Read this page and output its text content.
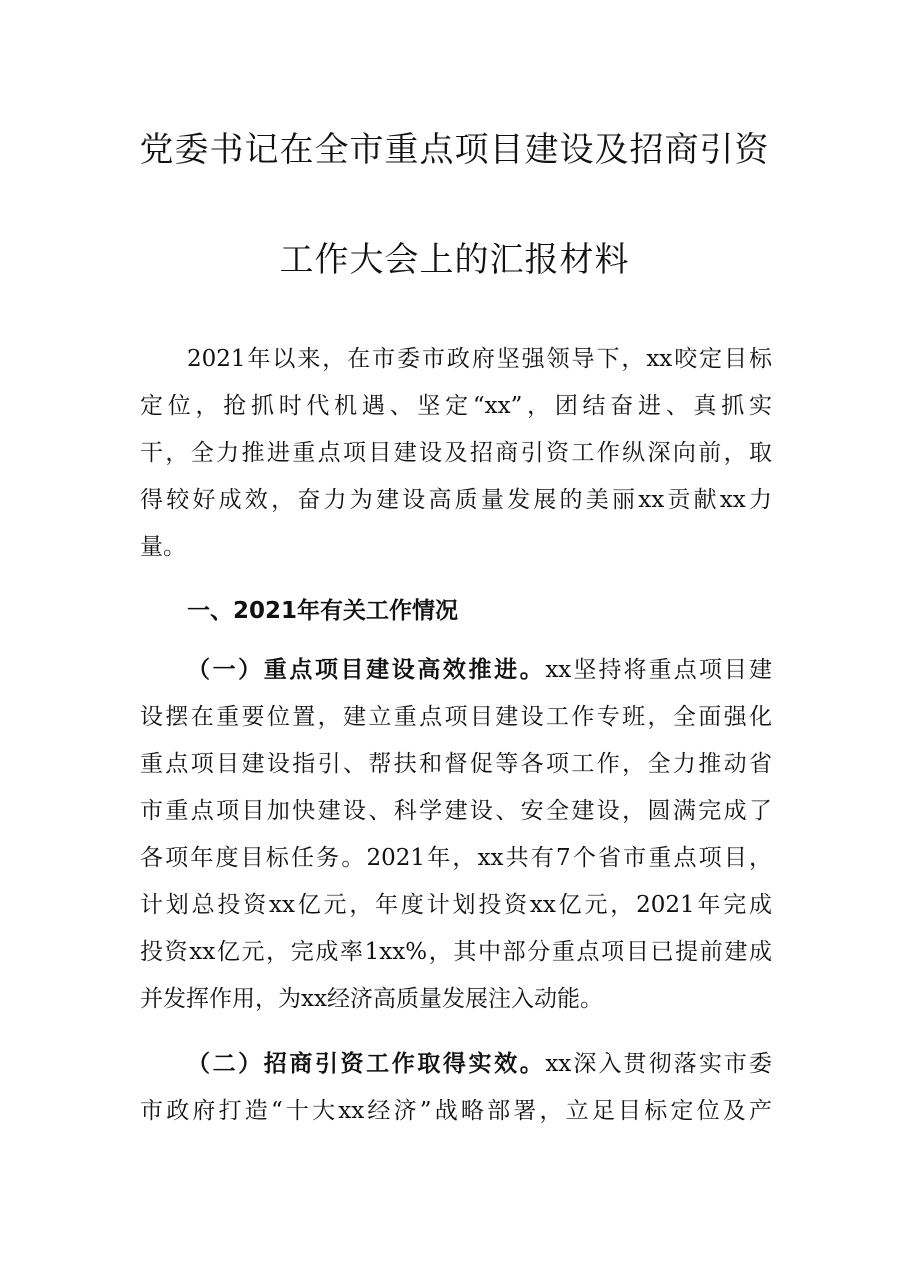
党委书记在全市重点项目建设及招商引资
工作大会上的汇报材料
2021年以来，在市委市政府坚强领导下，xx咬定目标
定位，抢抓时代机遇、坚定“xx”，团结奋进、真抓实
干，全力推进重点项目建设及招商引资工作纵深向前，取
得较好成效，奋力为建设高质量发展的美丽xx贡献xx力
量。
一、2021年有关工作情况
（一）重点项目建设高效推进。xx坚持将重点项目建
设摆在重要位置，建立重点项目建设工作专班，全面强化
重点项目建设指引、帮扶和督促等各项工作，全力推动省
市重点项目加快建设、科学建设、安全建设，圆满完成了
各项年度目标任务。2021年，xx共有7个省市重点项目，
计划总投资xx亿元，年度计划投资xx亿元，2021年完成
投资xx亿元，完成率1xx%，其中部分重点项目已提前建成
并发挥作用，为xx经济高质量发展注入动能。
（二）招商引资工作取得实效。xx深入贯彻落实市委
市政府打造“十大xx经济”战略部署，立足目标定位及产
